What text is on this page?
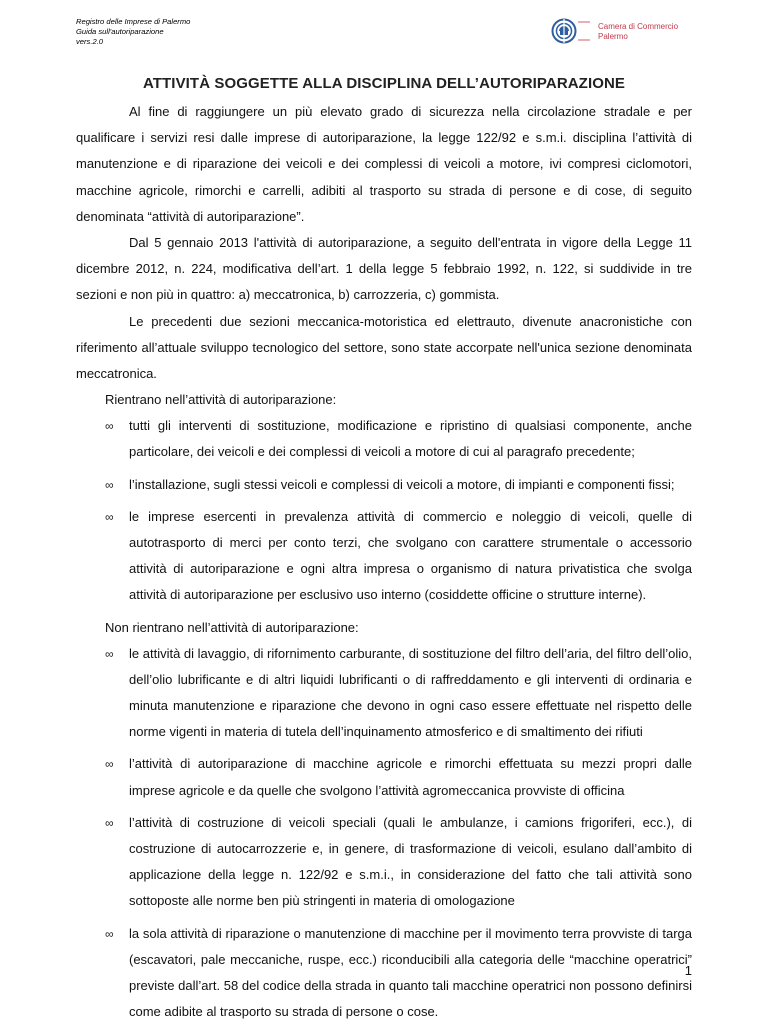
Registro delle Imprese di Palermo
Guida sull'autoriparazione
vers.2.0
Camera di Commercio
Palermo
ATTIVITÀ SOGGETTE ALLA DISCIPLINA DELL’AUTORIPARAZIONE

Al fine di raggiungere un più elevato grado di sicurezza nella circolazione stradale e per qualificare i servizi resi dalle imprese di autoriparazione, la legge 122/92 e s.m.i. disciplina l’attività di manutenzione e di riparazione dei veicoli e dei complessi di veicoli a motore, ivi compresi ciclomotori, macchine agricole, rimorchi e carrelli, adibiti al trasporto su strada di persone e di cose, di seguito denominata “attività di autoriparazione”.

Dal 5 gennaio 2013 l'attività di autoriparazione, a seguito dell'entrata in vigore della Legge 11 dicembre 2012, n. 224, modificativa dell’art. 1 della legge 5 febbraio 1992, n. 122, si suddivide in tre sezioni e non più in quattro: a) meccatronica, b) carrozzeria, c) gommista.

Le precedenti due sezioni meccanica-motoristica ed elettrauto, divenute anacronistiche con riferimento all’attuale sviluppo tecnologico del settore, sono state accorpate nell'unica sezione denominata meccatronica.

Rientrano nell’attività di autoriparazione:

∞ tutti gli interventi di sostituzione, modificazione e ripristino di qualsiasi componente, anche particolare, dei veicoli e dei complessi di veicoli a motore di cui al paragrafo precedente;
∞ l’installazione, sugli stessi veicoli e complessi di veicoli a motore, di impianti e componenti fissi;
∞ le imprese esercenti in prevalenza attività di commercio e noleggio di veicoli, quelle di autotrasporto di merci per conto terzi, che svolgano con carattere strumentale o accessorio attività di autoriparazione e ogni altra impresa o organismo di natura privatistica che svolga attività di autoriparazione per esclusivo uso interno (cosiddette officine o strutture interne).

Non rientrano nell’attività di autoriparazione:

∞ le attività di lavaggio, di rifornimento carburante, di sostituzione del filtro dell’aria, del filtro dell’olio, dell’olio lubrificante e di altri liquidi lubrificanti o di raffreddamento e gli interventi di ordinaria e minuta manutenzione e riparazione che devono in ogni caso essere effettuate nel rispetto delle norme vigenti in materia di tutela dell’inquinamento atmosferico e di smaltimento dei rifiuti
∞ l’attività di autoriparazione di macchine agricole e rimorchi effettuata su mezzi propri dalle imprese agricole e da quelle che svolgono l’attività agromeccanica provviste di officina
∞ l’attività di costruzione di veicoli speciali (quali le ambulanze, i camions frigoriferi, ecc.), di costruzione di autocarrozzerie e, in genere, di trasformazione di veicoli, esulano dall’ambito di applicazione della legge n. 122/92 e s.m.i., in considerazione del fatto che tali attività sono sottoposte alle norme ben più stringenti in materia di omologazione
∞ la sola attività di riparazione o manutenzione di macchine per il movimento terra provviste di targa (escavatori, pale meccaniche, ruspe, ecc.) riconducibili alla categoria delle “macchine operatrici” previste dall’art. 58 del codice della strada in quanto tali macchine operatrici non possono definirsi come adibite al trasporto su strada di persone o cose.
1
